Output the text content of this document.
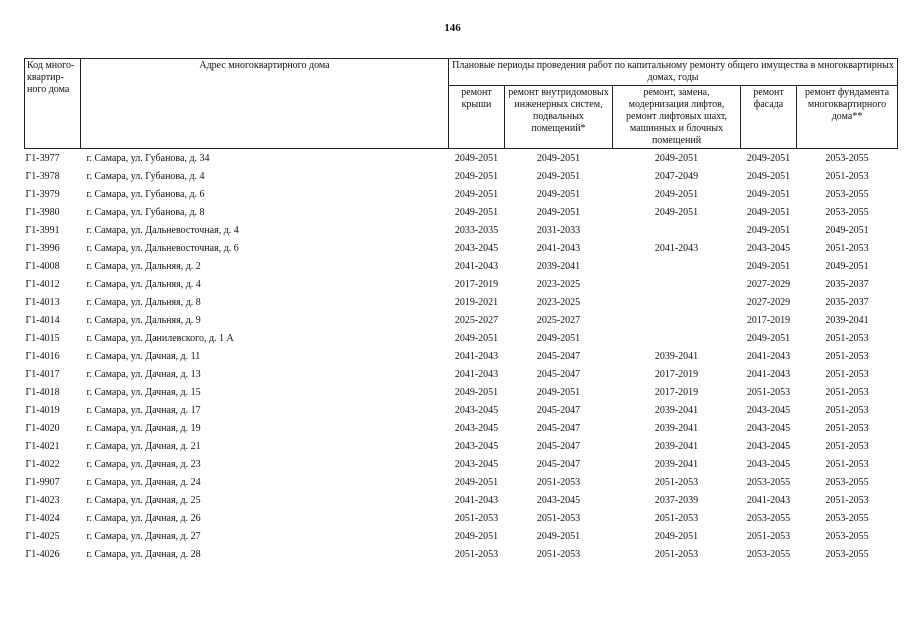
146
Код много-квартир-ного дома	Адрес многоквартирного дома	Плановые периоды проведения работ по капитальному ремонту общего имущества в многоквартирных домах, годы				
		ремонт крыши	ремонт внутридомовых инженерных систем, подвальных помещений*	ремонт, замена, модернизация лифтов, ремонт лифтовых шахт, машинных и блочных помещений	ремонт фасада	ремонт фундамента многоквартирного дома**
Г1-3977	г. Самара, ул. Губанова, д. 34	2049-2051	2049-2051	2049-2051	2049-2051	2053-2055
Г1-3978	г. Самара, ул. Губанова, д. 4	2049-2051	2049-2051	2047-2049	2049-2051	2051-2053
Г1-3979	г. Самара, ул. Губанова, д. 6	2049-2051	2049-2051	2049-2051	2049-2051	2053-2055
Г1-3980	г. Самара, ул. Губанова, д. 8	2049-2051	2049-2051	2049-2051	2049-2051	2053-2055
Г1-3991	г. Самара, ул. Дальневосточная, д. 4	2033-2035	2031-2033		2049-2051	2049-2051
Г1-3996	г. Самара, ул. Дальневосточная, д. 6	2043-2045	2041-2043	2041-2043	2043-2045	2051-2053
Г1-4008	г. Самара, ул. Дальняя, д. 2	2041-2043	2039-2041		2049-2051	2049-2051
Г1-4012	г. Самара, ул. Дальняя, д. 4	2017-2019	2023-2025		2027-2029	2035-2037
Г1-4013	г. Самара, ул. Дальняя, д. 8	2019-2021	2023-2025		2027-2029	2035-2037
Г1-4014	г. Самара, ул. Дальняя, д. 9	2025-2027	2025-2027		2017-2019	2039-2041
Г1-4015	г. Самара, ул. Данилевского, д. 1 А	2049-2051	2049-2051		2049-2051	2051-2053
Г1-4016	г. Самара, ул. Дачная, д. 11	2041-2043	2045-2047	2039-2041	2041-2043	2051-2053
Г1-4017	г. Самара, ул. Дачная, д. 13	2041-2043	2045-2047	2017-2019	2041-2043	2051-2053
Г1-4018	г. Самара, ул. Дачная, д. 15	2049-2051	2049-2051	2017-2019	2051-2053	2051-2053
Г1-4019	г. Самара, ул. Дачная, д. 17	2043-2045	2045-2047	2039-2041	2043-2045	2051-2053
Г1-4020	г. Самара, ул. Дачная, д. 19	2043-2045	2045-2047	2039-2041	2043-2045	2051-2053
Г1-4021	г. Самара, ул. Дачная, д. 21	2043-2045	2045-2047	2039-2041	2043-2045	2051-2053
Г1-4022	г. Самара, ул. Дачная, д. 23	2043-2045	2045-2047	2039-2041	2043-2045	2051-2053
Г1-9907	г. Самара, ул. Дачная, д. 24	2049-2051	2051-2053	2051-2053	2053-2055	2053-2055
Г1-4023	г. Самара, ул. Дачная, д. 25	2041-2043	2043-2045	2037-2039	2041-2043	2051-2053
Г1-4024	г. Самара, ул. Дачная, д. 26	2051-2053	2051-2053	2051-2053	2053-2055	2053-2055
Г1-4025	г. Самара, ул. Дачная, д. 27	2049-2051	2049-2051	2049-2051	2051-2053	2053-2055
Г1-4026	г. Самара, ул. Дачная, д. 28	2051-2053	2051-2053	2051-2053	2053-2055	2053-2055
